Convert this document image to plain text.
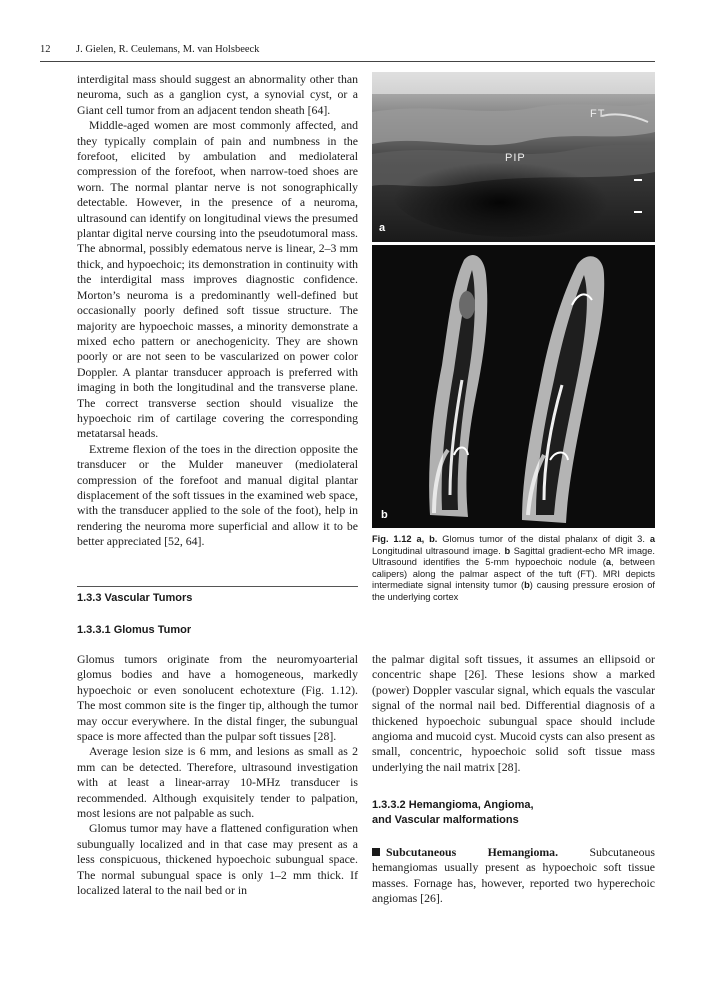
12 J. Gielen, R. Ceulemans, M. van Holsbeeck

interdigital mass should suggest an abnormality other than neuroma, such as a ganglion cyst, a synovial cyst, or a Giant cell tumor from an adjacent tendon sheath [64].

Middle-aged women are most commonly affected, and they typically complain of pain and numbness in the forefoot, elicited by ambulation and mediolateral compression of the forefoot, when narrow-toed shoes are worn. The normal plantar nerve is not sonographically detectable. However, in the presence of a neuroma, ultrasound can identify on longitudinal views the presumed plantar digital nerve coursing into the pseudotumoral mass. The abnormal, possibly edematous nerve is linear, 2–3 mm thick, and hypoechoic; its demonstration in continuity with the interdigital mass improves diagnostic confidence. Morton’s neuroma is a predominantly well-defined but occasionally poorly defined soft tissue structure. The majority are hypoechoic masses, a minority demonstrate a mixed echo pattern or anechogenicity. They are shown poorly or are not seen to be vascularized on power color Doppler. A plantar transducer approach is preferred with imaging in both the longitudinal and the transverse plane. The correct transverse section should visualize the hypoechoic rim of cartilage covering the corresponding metatarsal heads.

Extreme flexion of the toes in the direction opposite the transducer or the Mulder maneuver (mediolateral compression of the forefoot and manual digital plantar displacement of the soft tissues in the examined web space, with the transducer applied to the sole of the foot), help in rendering the neuroma more superficial and allow it to be better appreciated [52, 64].

1.3.3 Vascular Tumors
1.3.3.1 Glomus Tumor

Glomus tumors originate from the neuromyoarterial glomus bodies and have a homogeneous, markedly hypoechoic or even sonolucent echotexture (Fig. 1.12). The most common site is the finger tip, although the tumor may occur everywhere. In the distal finger, the subungual space is more affected than the pulpar soft tissues [28].

Average lesion size is 6 mm, and lesions as small as 2 mm can be detected. Therefore, ultrasound investigation with at least a linear-array 10-MHz transducer is recommended. Although exquisitely tender to palpation, most lesions are not palpable as such.

Glomus tumor may have a flattened configuration when subungually localized and in that case may present as a less conspicuous, thickened hypoechoic subungual space. The normal subungual space is only 1–2 mm thick. If localized lateral to the nail bed or in

FT
PIP
a
b
Fig. 1.12 a, b. Glomus tumor of the distal phalanx of digit 3. a Longitudinal ultrasound image. b Sagittal gradient-echo MR image. Ultrasound identifies the 5-mm hypoechoic nodule (a, between calipers) along the palmar aspect of the tuft (FT). MRI depicts intermediate signal intensity tumor (b) causing pressure erosion of the underlying cortex

the palmar digital soft tissues, it assumes an ellipsoid or concentric shape [26]. These lesions show a marked (power) Doppler vascular signal, which equals the vascular signal of the normal nail bed. Differential diagnosis of a thickened hypoechoic subungual space should include angioma and mucoid cyst. Mucoid cysts can also present as small, concentric, hypoechoic solid soft tissue mass underlying the nail matrix [28].

1.3.3.2 Hemangioma, Angioma,
and Vascular malformations

Subcutaneous Hemangioma. Subcutaneous hemangiomas usually present as hypoechoic soft tissue masses. Fornage has, however, reported two hyperechoic angiomas [26].
